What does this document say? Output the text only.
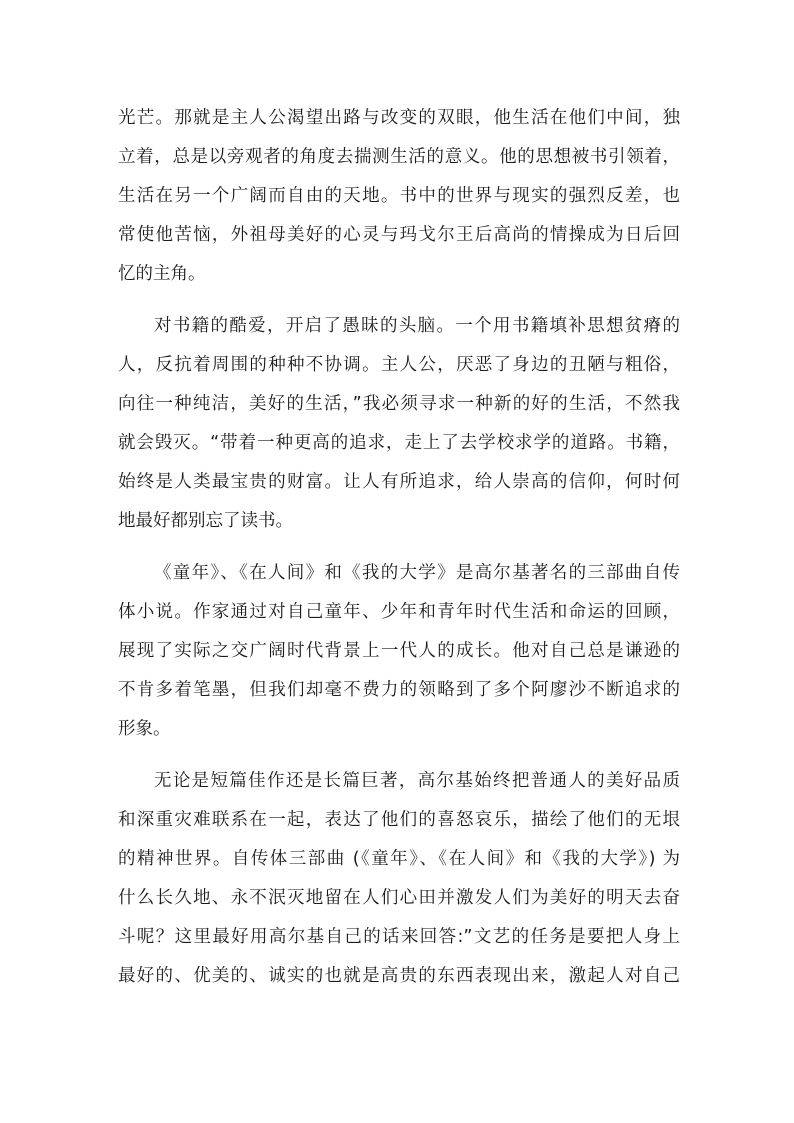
光芒。那就是主人公渴望出路与改变的双眼，他生活在他们中间，独
立着，总是以旁观者的角度去揣测生活的意义。他的思想被书引领着，
生活在另一个广阔而自由的天地。书中的世界与现实的强烈反差，也
常使他苦恼，外祖母美好的心灵与玛戈尔王后高尚的情操成为日后回
忆的主角。
对书籍的酷爱，开启了愚昧的头脑。一个用书籍填补思想贫瘠的
人，反抗着周围的种种不协调。主人公，厌恶了身边的丑陋与粗俗，
向往一种纯洁，美好的生活，”我必须寻求一种新的好的生活，不然我
就会毁灭。“带着一种更高的追求，走上了去学校求学的道路。书籍，
始终是人类最宝贵的财富。让人有所追求，给人崇高的信仰，何时何
地最好都别忘了读书。
《童年》、《在人间》和《我的大学》是高尔基著名的三部曲自传
体小说。作家通过对自己童年、少年和青年时代生活和命运的回顾，
展现了实际之交广阔时代背景上一代人的成长。他对自己总是谦逊的
不肯多着笔墨，但我们却毫不费力的领略到了多个阿廖沙不断追求的
形象。
无论是短篇佳作还是长篇巨著，高尔基始终把普通人的美好品质
和深重灾难联系在一起，表达了他们的喜怒哀乐，描绘了他们的无垠
的精神世界。自传体三部曲 (《童年》、《在人间》和《我的大学》) 为
什么长久地、永不泯灭地留在人们心田并激发人们为美好的明天去奋
斗呢？这里最好用高尔基自己的话来回答:”文艺的任务是要把人身上
最好的、优美的、诚实的也就是高贵的东西表现出来，激起人对自己
